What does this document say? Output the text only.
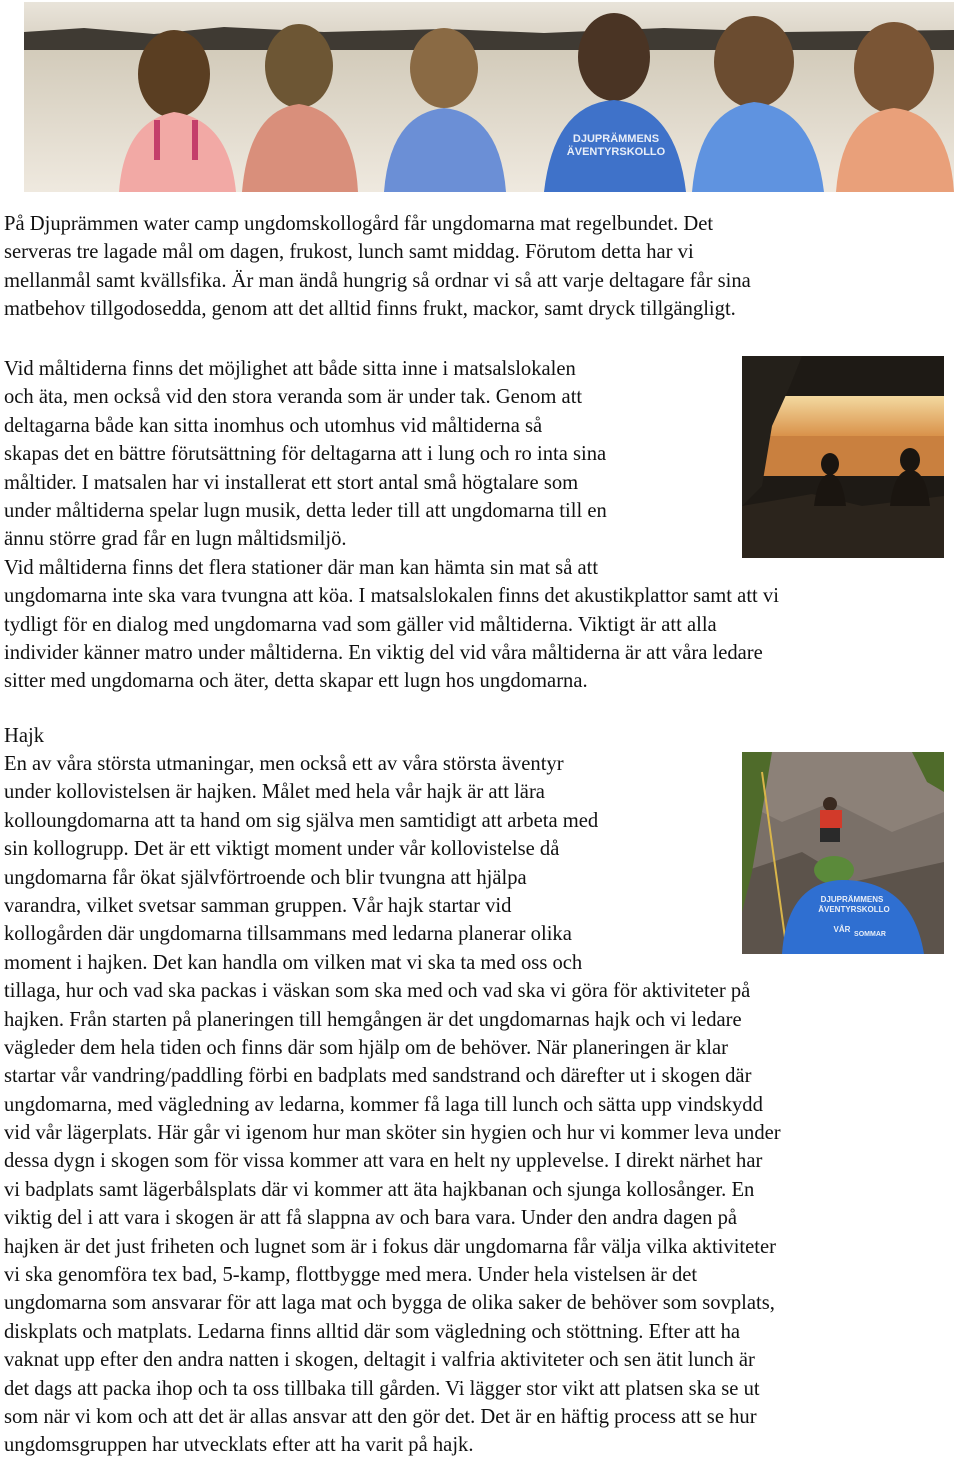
DJUPRÄMMENS
ÄVENTYRSKOLLO

På Djuprämmen water camp ungdomskollogård får ungdomarna mat regelbundet. Det
serveras tre lagade mål om dagen, frukost, lunch samt middag. Förutom detta har vi
mellanmål samt kvällsfika. Är man ändå hungrig så ordnar vi så att varje deltagare får sina
matbehov tillgodosedda, genom att det alltid finns frukt, mackor, samt dryck tillgängligt.

Vid måltiderna finns det möjlighet att både sitta inne i matsalslokalen
och äta, men också vid den stora veranda som är under tak. Genom att
deltagarna både kan sitta inomhus och utomhus vid måltiderna så
skapas det en bättre förutsättning för deltagarna att i lung och ro inta sina
måltider. I matsalen har vi installerat ett stort antal små högtalare som
under måltiderna spelar lugn musik, detta leder till att ungdomarna till en
ännu större grad får en lugn måltidsmiljö.
Vid måltiderna finns det flera stationer där man kan hämta sin mat så att
ungdomarna inte ska vara tvungna att köa. I matsalslokalen finns det akustikplattor samt att vi
tydligt för en dialog med ungdomarna vad som gäller vid måltiderna. Viktigt är att alla
individer känner matro under måltiderna. En viktig del vid våra måltiderna är att våra ledare
sitter med ungdomarna och äter, detta skapar ett lugn hos ungdomarna.

Hajk

DJUPRÄMMENS
ÄVENTYRSKOLLO
VÅR
SOMMAR

En av våra största utmaningar, men också ett av våra största äventyr
under kollovistelsen är hajken. Målet med hela vår hajk är att lära
kolloungdomarna att ta hand om sig själva men samtidigt att arbeta med
sin kollogrupp. Det är ett viktigt moment under vår kollovistelse då
ungdomarna får ökat självförtroende och blir tvungna att hjälpa
varandra, vilket svetsar samman gruppen. Vår hajk startar vid
kollogården där ungdomarna tillsammans med ledarna planerar olika
moment i hajken. Det kan handla om vilken mat vi ska ta med oss och
tillaga, hur och vad ska packas i väskan som ska med och vad ska vi göra för aktiviteter på
hajken. Från starten på planeringen till hemgången är det ungdomarnas hajk och vi ledare
vägleder dem hela tiden och finns där som hjälp om de behöver. När planeringen är klar
startar vår vandring/paddling förbi en badplats med sandstrand och därefter ut i skogen där
ungdomarna, med vägledning av ledarna, kommer få laga till lunch och sätta upp vindskydd
vid vår lägerplats. Här går vi igenom hur man sköter sin hygien och hur vi kommer leva under
dessa dygn i skogen som för vissa kommer att vara en helt ny upplevelse. I direkt närhet har
vi badplats samt lägerbålsplats där vi kommer att äta hajkbanan och sjunga kollosånger. En
viktig del i att vara i skogen är att få slappna av och bara vara. Under den andra dagen på
hajken är det just friheten och lugnet som är i fokus där ungdomarna får välja vilka aktiviteter
vi ska genomföra tex bad, 5-kamp, flottbygge med mera. Under hela vistelsen är det
ungdomarna som ansvarar för att laga mat och bygga de olika saker de behöver som sovplats,
diskplats och matplats. Ledarna finns alltid där som vägledning och stöttning. Efter att ha
vaknat upp efter den andra natten i skogen, deltagit i valfria aktiviteter och sen ätit lunch är
det dags att packa ihop och ta oss tillbaka till gården. Vi lägger stor vikt att platsen ska se ut
som när vi kom och att det är allas ansvar att den gör det. Det är en häftig process att se hur
ungdomsgruppen har utvecklats efter att ha varit på hajk.
